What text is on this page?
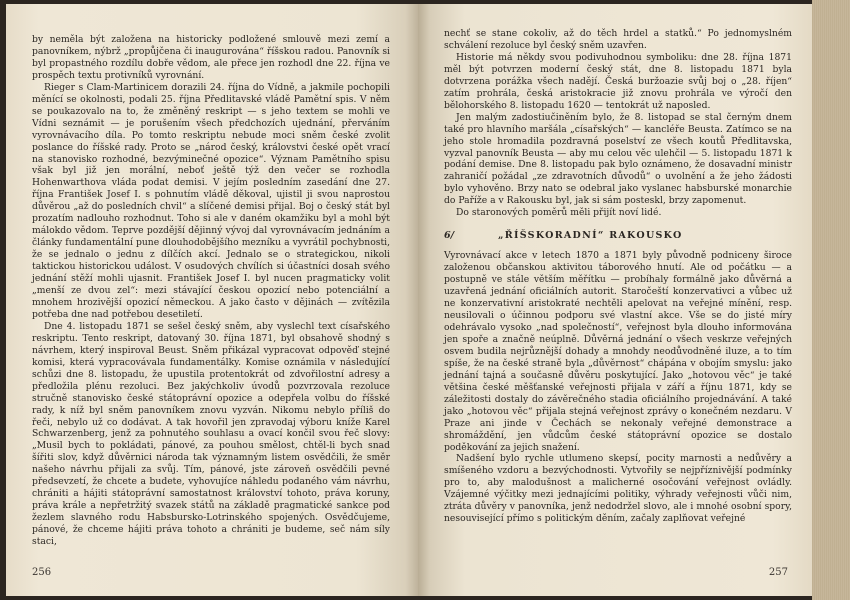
by neměla být založena na historicky podložené smlouvě mezi zemí a panovníkem, nýbrž „propůjčena či inaugurována“ říšskou radou. Panovník si byl propastného rozdílu dobře vědom, ale přece jen rozhodl dne 22. října ve prospěch textu protivníků vyrovnání.

Rieger s Clam-Martinicem dorazili 24. října do Vídně, a jakmile pochopili měnící se okolnosti, podali 25. října Předlitavské vládě Pamětní spis. V něm se poukazovalo na to, že změněný reskript — s jeho textem se mohli ve Vídni seznámit — je porušením všech předchozích ujednání, přerváním vyrovnávacího díla. Po tomto reskriptu nebude moci sněm české zvolit poslance do říšské rady. Proto se „národ český, královstvi české opět vrací na stanovisko rozhodné, bezvýminečné opozice“. Význam Pamětního spisu však byl již jen morální, neboť ještě týž den večer se rozhodla Hohenwarthova vláda podat demisi. V jejím posledním zasedání dne 27. října František Josef I. s pohnutím vládě děkoval, ujistil ji svou naprostou důvěrou „až do posledních chvil“ a slíčené demisi přijal. Boj o český stát byl prozatím nadlouho rozhodnut. Toho si ale v daném okamžiku byl a mohl být málokdo vědom. Teprve pozdější dějinný vývoj dal vyrovnávacím jednáním a články fundamentální pune dlouhodobějšího mezníku a vyvrátil pochybnosti, že se jednalo o jednu z dílčích akcí. Jednalo se o strategickou, nikoli taktickou historickou událost. V osudových chvílích si účastníci dosah svého jednání stěží mohli ujasnit. František Josef I. byl nucen pragmaticky volit „menší ze dvou zel“: mezi stávající českou opozicí nebo potenciální a mnohem hrozivější opozicí německou. A jako často v dějinách — zvítězila potřeba dne nad potřebou desetiletí.

Dne 4. listopadu 1871 se sešel český sněm, aby vyslechl text císařského reskriptu. Tento reskript, datovaný 30. října 1871, byl obsahově shodný s návrhem, který inspiroval Beust. Sněm přikázal vypracovat odpověď stejné komisi, která vypracovávala fundamentálky. Komise oznámila v následující schůzi dne 8. listopadu, že upustila protentokrát od zdvořilostní adresy a předložila plénu rezoluci. Bez jakýchkoliv úvodů pozvrzovala rezoluce stručně stanovisko české státoprávní opozice a odepřela volbu do říšské rady, k níž byl sněm panovníkem znovu vyzván. Nikomu nebylo příliš do řeči, nebylo už co dodávat. A tak hovořil jen zpravodaj výboru kníže Karel Schwarzenberg, jenž za pohnutého souhlasu a ovací končil svou řeč slovy: „Musil bych to pokládati, pánové, za pouhou smělost, chtěl-li bych snad šířiti slov, když důvěrnici národa tak významným listem osvědčili, že směr našeho návrhu přijali za svůj. Tím, pánové, jste zároveň osvědčili pevné předsevzetí, že chcete a budete, vyhovujíce náhledu podaného vám návrhu, chrániti a hájiti státoprávní samostatnost království tohoto, práva koruny, práva krále a nepřetržitý svazek států na základě pragmatické sankce pod žezlem slavného rodu Habsbursko-Lotrinského spojených. Osvědčujeme, pánové, že chceme hájiti práva tohoto a chrániti je budeme, seč nám síly staci,

256

nechť se stane cokoliv, až do těch hrdel a statků.“ Po jednomyslném schválení rezoluce byl český sněm uzavřen.

Historie má někdy svou podivuhodnou symboliku: dne 28. října 1871 měl být potvrzen moderní český stát, dne 8. listopadu 1871 byla dotvrzena porážka všech nadějí. Česká buržoazie svůj boj o „28. říjen“ zatím prohrála, česká aristokracie již znovu prohrála ve výročí den bělohorského 8. listopadu 1620 — tentokrát už naposled.

Jen malým zadostiučiněním bylo, že 8. listopad se stal černým dnem také pro hlavního maršála „císařských“ — kancléře Beusta. Zatímco se na jeho stole hromadila pozdravná poselství ze všech koutů Předlitavska, vyzval panovník Beusta — aby mu celou věc ulehčil — 5. listopadu 1871 k podání demise. Dne 8. listopadu pak bylo oznámeno, že dosavadní ministr zahraničí požádal „ze zdravotních důvodů“ o uvolnění a že jeho žádosti bylo vyhověno. Brzy nato se odebral jako vyslanec habsburské monarchie do Paříže a v Rakousku byl, jak si sám posteskl, brzy zapomenut.

Do staronových poměrů měli přijít noví lidé.

6/	„ŘÍŠSKORADNÍ“ RAKOUSKO

Vyrovnávací akce v letech 1870 a 1871 byly původně podniceny široce založenou občanskou aktivitou táborového hnutí. Ale od počátku — a postupně ve stále větším měřítku — probíhaly formálně jako důvěrná a uzavřená jednání oficiálních autorit. Staročeští konzervativci a vůbec už ne konzervativní aristokraté nechtěli apelovat na veřejné mínění, resp. neusilovali o účinnou podporu své vlastní akce. Vše se do jisté míry odehrávalo vysoko „nad společností“, veřejnost byla dlouho informována jen spoře a značně neúplně. Důvěrná jednání o všech veskrze veřejných osvem budila nejrůznější dohady a mnohdy neodůvodněné iluze, a to tím spíše, že na české straně byla „důvěrnost“ chápána v obojím smyslu: jako jednání tajná a současně důvěru poskytující. Jako „hotovou věc“ je také většina české měšťanské veřejnosti přijala v září a říjnu 1871, kdy se záležitosti dostaly do závěrečného stadia oficiálního projednávání. A také jako „hotovou věc“ přijala stejná veřejnost zprávy o konečném nezdaru. V Praze ani jinde v Čechách se nekonaly veřejné demonstrace a shromáždění, jen vůdcům české státoprávní opozice se dostalo poděkování za jejich snažení.

Nadšení bylo rychle utlumeno skepsí, pocity marnosti a nedůvěry a smíšeného vzdoru a bezvýchodnosti. Vytvořily se nejpříznivější podmínky pro to, aby malodušnost a malicherné osočování veřejnost ovládly. Vzájemné výčitky mezi jednajícími politiky, výhrady veřejnosti vůči nim, ztráta důvěry v panovníka, jenž nedodržel slovo, ale i mnohé osobní spory, nesouvisející přímo s politickým děním, začaly zaplňovat veřejné

257
